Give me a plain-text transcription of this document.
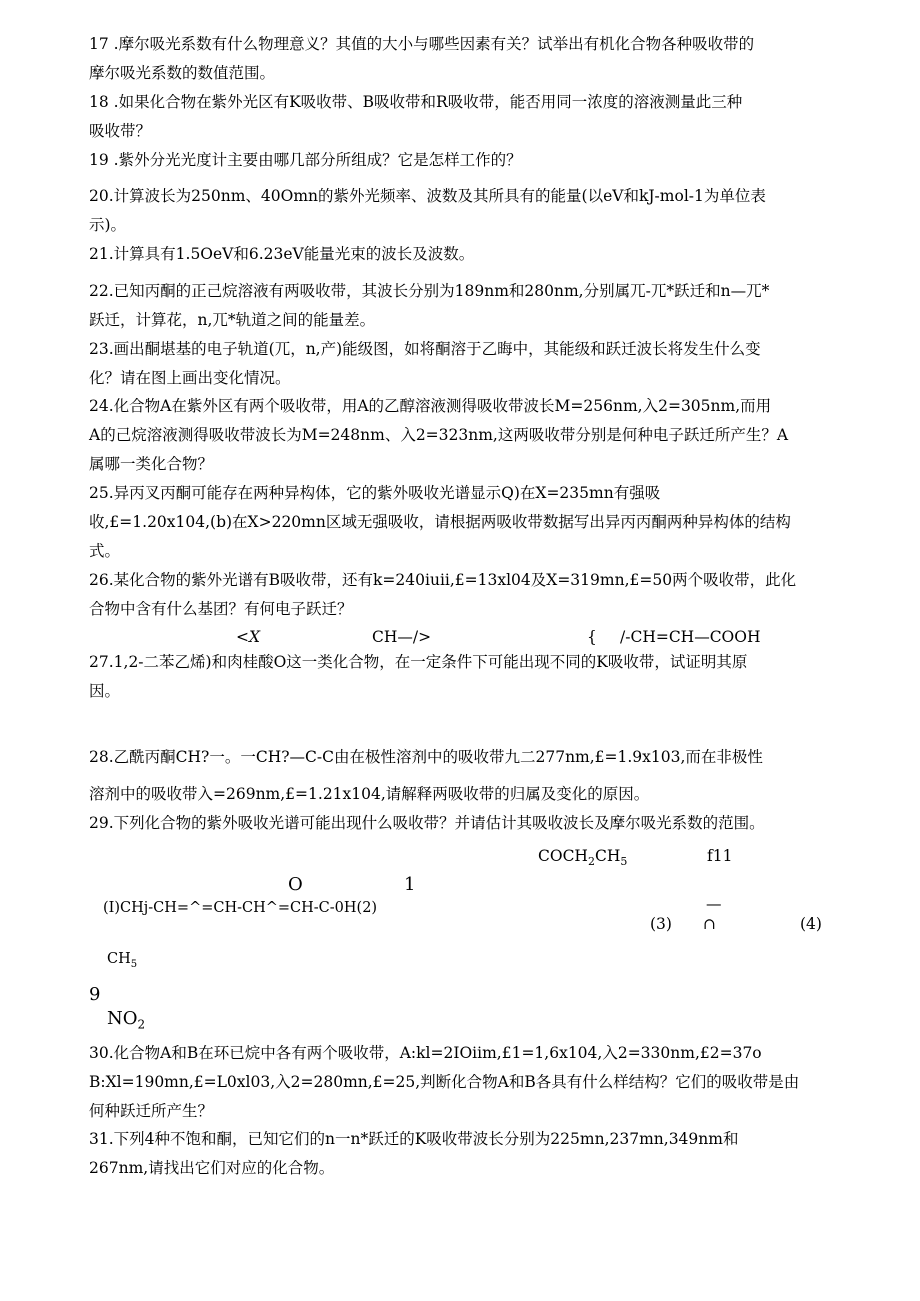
17 .摩尔吸光系数有什么物理意义？其值的大小与哪些因素有关？试举出有机化合物各种吸收带的

摩尔吸光系数的数值范围。

18 .如果化合物在紫外光区有K吸收带、B吸收带和R吸收带，能否用同一浓度的溶液测量此三种

吸收带？

19 .紫外分光光度计主要由哪几部分所组成？它是怎样工作的？

20.计算波长为250nm、40Omn的紫外光频率、波数及其所具有的能量(以eV和kJ-mol-1为单位表

示)。

21.计算具有1.5OeV和6.23eV能量光束的波长及波数。

22.已知丙酮的正己烷溶液有两吸收带，其波长分别为189nm和280nm,分别属兀-兀*跃迁和n—兀*

跃迁，计算花，n,兀*轨道之间的能量差。

23.画出酮堪基的电子轨道(兀，n,产)能级图，如将酮溶于乙晦中，其能级和跃迁波长将发生什么变

化？请在图上画出变化情况。

24.化合物A在紫外区有两个吸收带，用A的乙醇溶液测得吸收带波长M=256nm,入2=305nm,而用

A的己烷溶液测得吸收带波长为M=248nm、入2=323nm,这两吸收带分别是何种电子跃迁所产生？A

属哪一类化合物？

25.异丙叉丙酮可能存在两种异构体，它的紫外吸收光谱显示Q)在X=235mn有强吸

收,£=1.20x104,(b)在X>220mn区域无强吸收，请根据两吸收带数据写出异丙丙酮两种异构体的结构

式。

26.某化合物的紫外光谱有B吸收带，还有k=240iuii,£=13xl04及X=319mn,£=50两个吸收带，此化

合物中含有什么基团？有何电子跃迁？

<X	CH—/>	{ /-CH=CH—COOH

27.1,2-二苯乙烯)和肉桂酸O这一类化合物，在一定条件下可能出现不同的K吸收带，试证明其原

因。

28.乙酰丙酮CH?一。一CH?—C-C由在极性溶剂中的吸收带九二277nm,£=1.9x103,而在非极性

溶剂中的吸收带入=269nm,£=1.21x104,请解释两吸收带的归属及变化的原因。

29.下列化合物的紫外吸收光谱可能出现什么吸收带？并请估计其吸收波长及摩尔吸光系数的范围。

$COCH_2CH_5$	f11
O	1
(I)CHj-CH=^=CH-CH^=CH-C-0H(2)	—
(3) ∩	(4)
$CH_5$
9
$NO_2$

30.化合物A和B在环已烷中各有两个吸收带，A:kl=2IOiim,£1=1,6x104,入2=330nm,£2=37o

B:Xl=190mn,£=L0xl03,入2=280mn,£=25,判断化合物A和B各具有什么样结构？它们的吸收带是由

何种跃迁所产生？

31.下列4种不饱和酮，已知它们的n一n*跃迁的K吸收带波长分别为225mn,237mn,349nm和

267nm,请找出它们对应的化合物。
